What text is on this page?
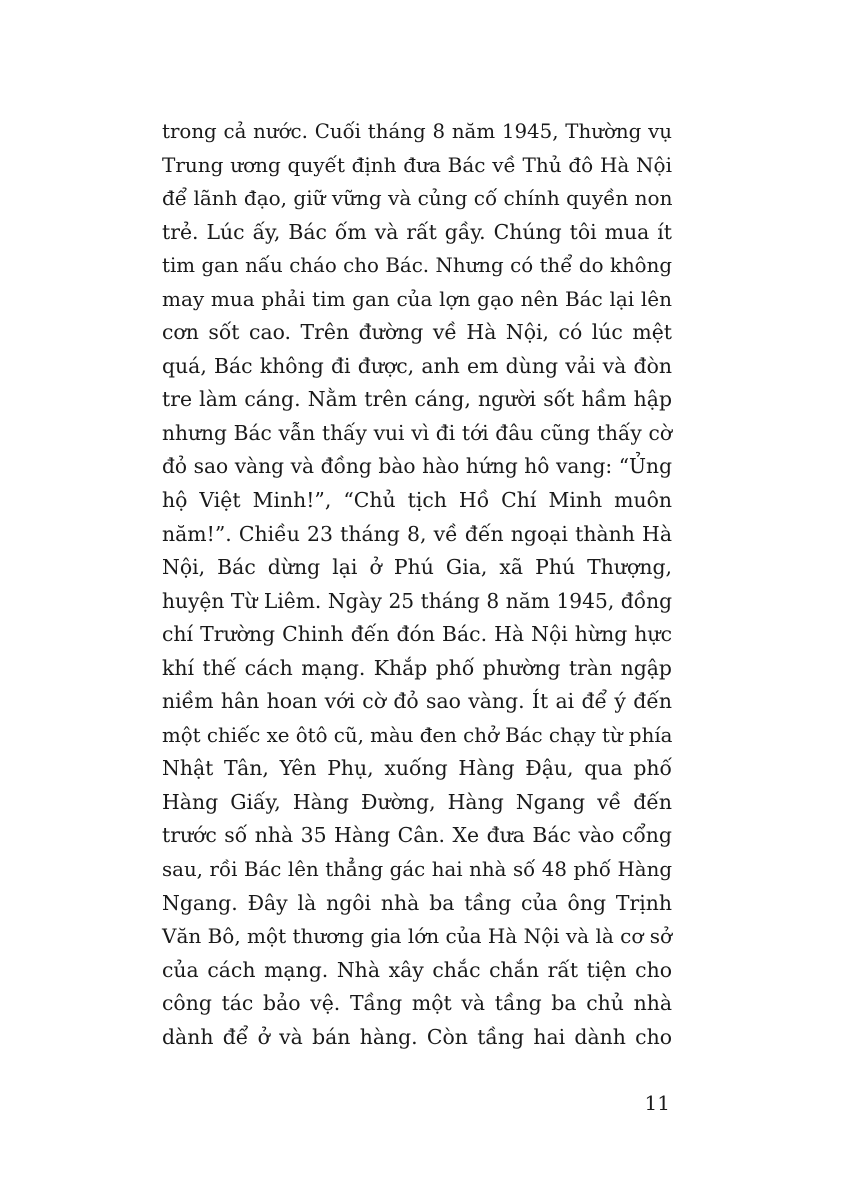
trong cả nước. Cuối tháng 8 năm 1945, Thường vụ
Trung ương quyết định đưa Bác về Thủ đô Hà Nội
để lãnh đạo, giữ vững và củng cố chính quyền non
trẻ. Lúc ấy, Bác ốm và rất gầy. Chúng tôi mua ít
tim gan nấu cháo cho Bác. Nhưng có thể do không
may mua phải tim gan của lợn gạo nên Bác lại lên
cơn sốt cao. Trên đường về Hà Nội, có lúc mệt
quá, Bác không đi được, anh em dùng vải và đòn
tre làm cáng. Nằm trên cáng, người sốt hầm hập
nhưng Bác vẫn thấy vui vì đi tới đâu cũng thấy cờ
đỏ sao vàng và đồng bào hào hứng hô vang: “Ủng
hộ Việt Minh!”, “Chủ tịch Hồ Chí Minh muôn
năm!”. Chiều 23 tháng 8, về đến ngoại thành Hà
Nội, Bác dừng lại ở Phú Gia, xã Phú Thượng,
huyện Từ Liêm. Ngày 25 tháng 8 năm 1945, đồng
chí Trường Chinh đến đón Bác. Hà Nội hừng hực
khí thế cách mạng. Khắp phố phường tràn ngập
niềm hân hoan với cờ đỏ sao vàng. Ít ai để ý đến
một chiếc xe ôtô cũ, màu đen chở Bác chạy từ phía
Nhật Tân, Yên Phụ, xuống Hàng Đậu, qua phố
Hàng Giấy, Hàng Đường, Hàng Ngang về đến
trước số nhà 35 Hàng Cân. Xe đưa Bác vào cổng
sau, rồi Bác lên thẳng gác hai nhà số 48 phố Hàng
Ngang. Đây là ngôi nhà ba tầng của ông Trịnh
Văn Bô, một thương gia lớn của Hà Nội và là cơ sở
của cách mạng. Nhà xây chắc chắn rất tiện cho
công tác bảo vệ. Tầng một và tầng ba chủ nhà
dành để ở và bán hàng. Còn tầng hai dành cho
11
